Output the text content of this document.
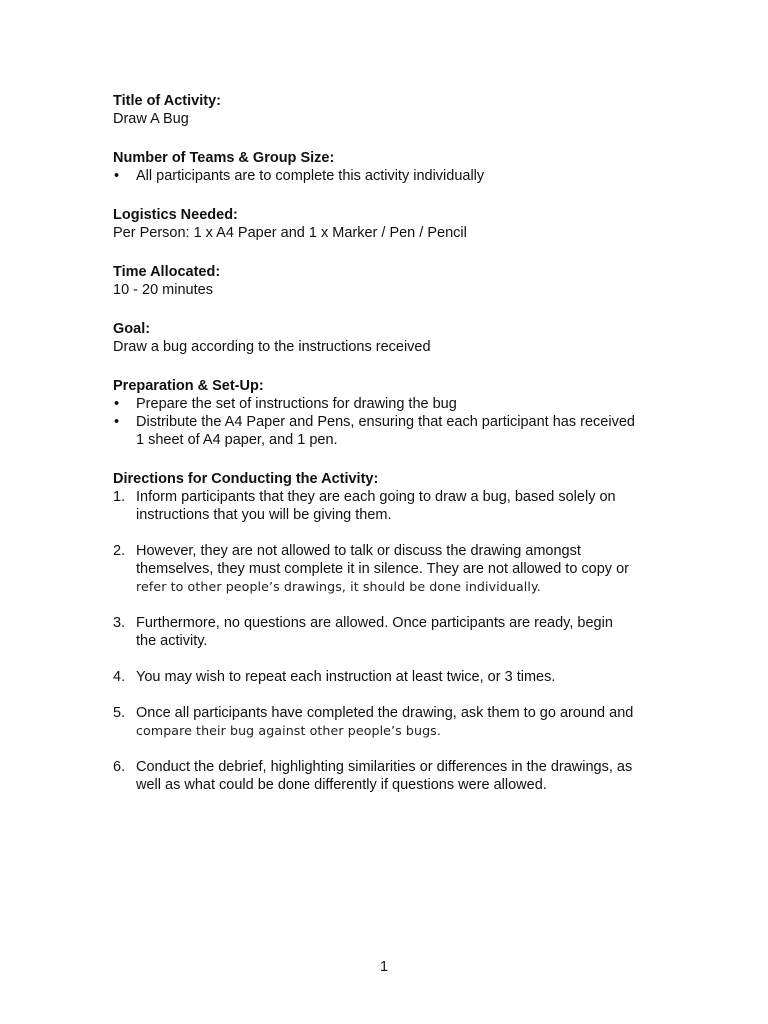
Title of Activity:
Draw A Bug
Number of Teams & Group Size:
• All participants are to complete this activity individually
Logistics Needed:
Per Person: 1 x A4 Paper and 1 x Marker / Pen / Pencil
Time Allocated:
10 - 20 minutes
Goal:
Draw a bug according to the instructions received
Preparation & Set-Up:
• Prepare the set of instructions for drawing the bug
• Distribute the A4 Paper and Pens, ensuring that each participant has received
1 sheet of A4 paper, and 1 pen.
Directions for Conducting the Activity:
1. Inform participants that they are each going to draw a bug, based solely on
instructions that you will be giving them.
2. However, they are not allowed to talk or discuss the drawing amongst
themselves, they must complete it in silence. They are not allowed to copy or
refer to other people’s drawings, it should be done individually.
3. Furthermore, no questions are allowed. Once participants are ready, begin
the activity.
4. You may wish to repeat each instruction at least twice, or 3 times.
5. Once all participants have completed the drawing, ask them to go around and
compare their bug against other people’s bugs.
6. Conduct the debrief, highlighting similarities or differences in the drawings, as
well as what could be done differently if questions were allowed.
1
